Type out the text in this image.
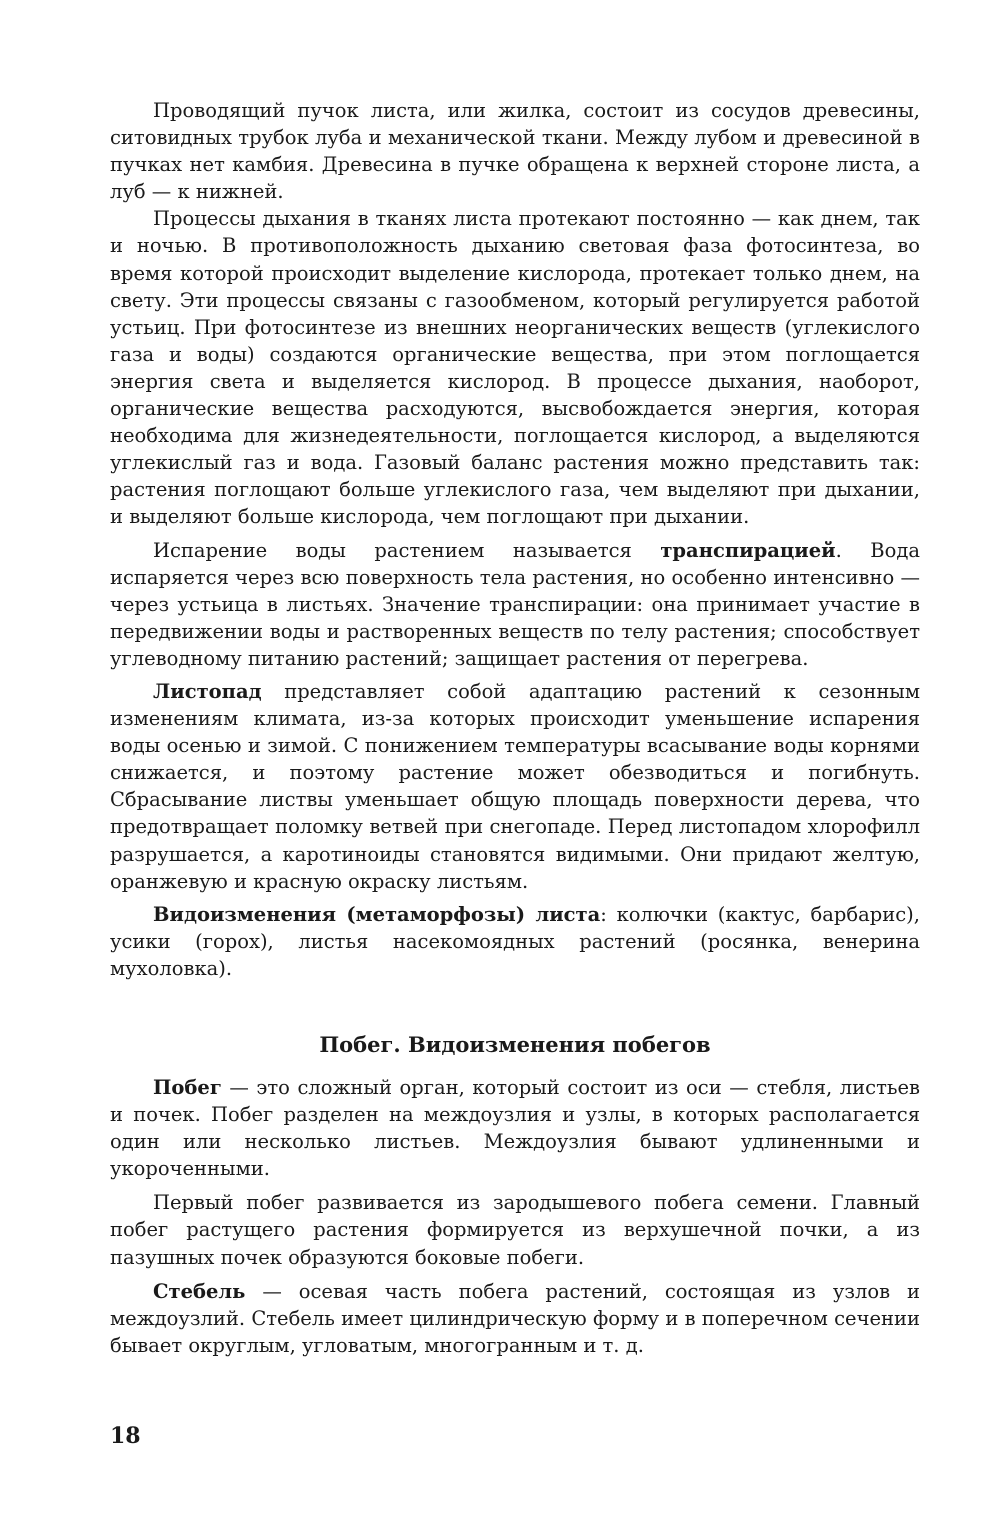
Проводящий пучок листа, или жилка, состоит из сосудов древесины, ситовидных трубок луба и механической ткани. Между лубом и древесиной в пучках нет камбия. Древесина в пучке обращена к верхней стороне листа, а луб — к нижней.

Процессы дыхания в тканях листа протекают постоянно — как днем, так и ночью. В противоположность дыханию световая фаза фотосинтеза, во время которой происходит выделение кислорода, протекает только днем, на свету. Эти процессы связаны с газообменом, который регулируется работой устьиц. При фотосинтезе из внешних неорганических веществ (углекислого газа и воды) создаются органические вещества, при этом поглощается энергия света и выделяется кислород. В процессе дыхания, наоборот, органические вещества расходуются, высвобождается энергия, которая необходима для жизнедеятельности, поглощается кислород, а выделяются углекислый газ и вода. Газовый баланс растения можно представить так: растения поглощают больше углекислого газа, чем выделяют при дыхании, и выделяют больше кислорода, чем поглощают при дыхании.

Испарение воды растением называется транспирацией. Вода испаряется через всю поверхность тела растения, но особенно интенсивно — через устьица в листьях. Значение транспирации: она принимает участие в передвижении воды и растворенных веществ по телу растения; способствует углеводному питанию растений; защищает растения от перегрева.

Листопад представляет собой адаптацию растений к сезонным изменениям климата, из-за которых происходит уменьшение испарения воды осенью и зимой. С понижением температуры всасывание воды корнями снижается, и поэтому растение может обезводиться и погибнуть. Сбрасывание листвы уменьшает общую площадь поверхности дерева, что предотвращает поломку ветвей при снегопаде. Перед листопадом хлорофилл разрушается, а каротиноиды становятся видимыми. Они придают желтую, оранжевую и красную окраску листьям.

Видоизменения (метаморфозы) листа: колючки (кактус, барбарис), усики (горох), листья насекомоядных растений (росянка, венерина мухоловка).

Побег. Видоизменения побегов

Побег — это сложный орган, который состоит из оси — стебля, листьев и почек. Побег разделен на междоузлия и узлы, в которых располагается один или несколько листьев. Междоузлия бывают удлиненными и укороченными.

Первый побег развивается из зародышевого побега семени. Главный побег растущего растения формируется из верхушечной почки, а из пазушных почек образуются боковые побеги.

Стебель — осевая часть побега растений, состоящая из узлов и междоузлий. Стебель имеет цилиндрическую форму и в поперечном сечении бывает округлым, угловатым, многогранным и т. д.

18
